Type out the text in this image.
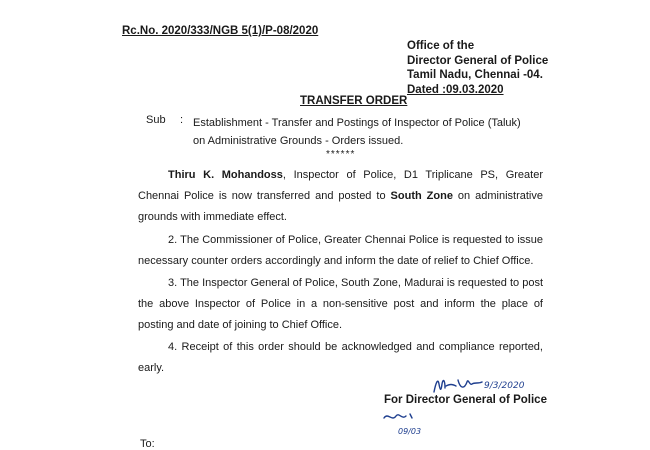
Rc.No. 2020/333/NGB 5(1)/P-08/2020
Office of the
Director General of Police
Tamil Nadu, Chennai -04.
Dated :09.03.2020
TRANSFER ORDER
Sub : Establishment - Transfer and Postings of Inspector of Police (Taluk)
on Administrative Grounds - Orders issued.
******
Thiru K. Mohandoss, Inspector of Police, D1 Triplicane PS, Greater Chennai Police is now transferred and posted to South Zone on administrative grounds with immediate effect.
2. The Commissioner of Police, Greater Chennai Police is requested to issue necessary counter orders accordingly and inform the date of relief to Chief Office.
3. The Inspector General of Police, South Zone, Madurai is requested to post the above Inspector of Police in a non-sensitive post and inform the place of posting and date of joining to Chief Office.
4. Receipt of this order should be acknowledged and compliance reported, early.
9/3/2020
09/03
For Director General of Police
To:
